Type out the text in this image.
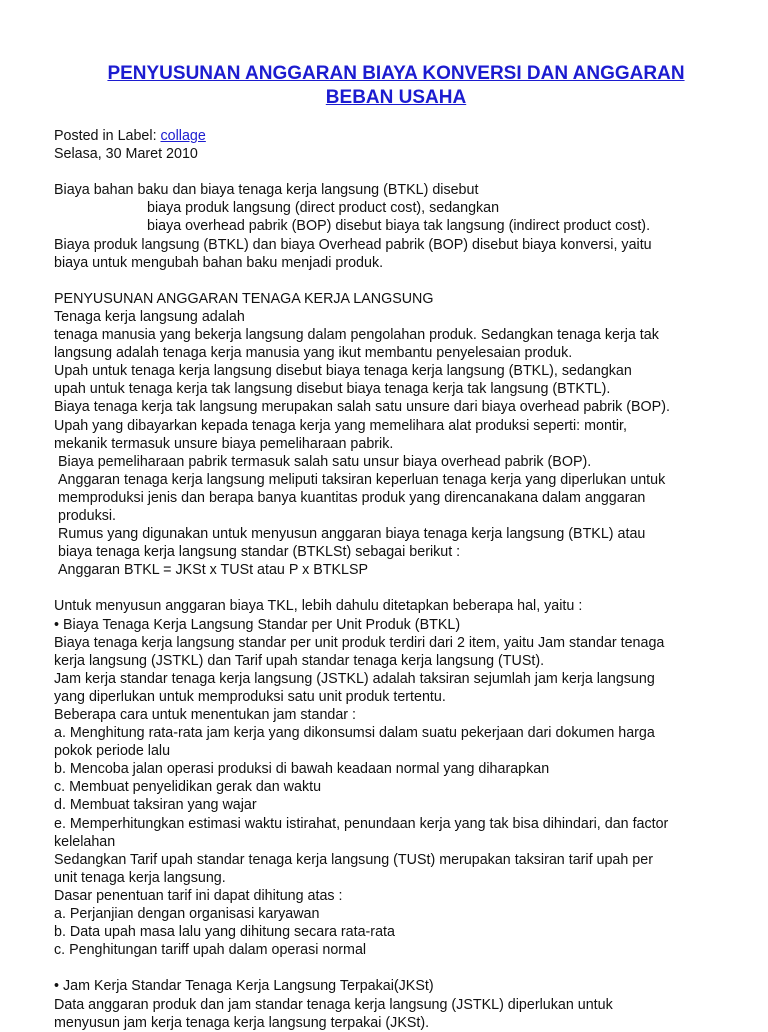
PENYUSUNAN ANGGARAN BIAYA KONVERSI DAN ANGGARAN
BEBAN USAHA
Posted in Label: collage
Selasa, 30 Maret 2010
Biaya bahan baku dan biaya tenaga kerja langsung (BTKL) disebut
biaya produk langsung (direct product cost), sedangkan
biaya overhead pabrik (BOP) disebut biaya tak langsung (indirect product cost).
Biaya produk langsung (BTKL) dan biaya Overhead pabrik (BOP) disebut biaya konversi, yaitu
biaya untuk mengubah bahan baku menjadi produk.
PENYUSUNAN ANGGARAN TENAGA KERJA LANGSUNG
Tenaga kerja langsung adalah
tenaga manusia yang bekerja langsung dalam pengolahan produk. Sedangkan tenaga kerja tak
langsung adalah tenaga kerja manusia yang ikut membantu penyelesaian produk.
Upah untuk tenaga kerja langsung disebut biaya tenaga kerja langsung (BTKL), sedangkan
upah untuk tenaga kerja tak langsung disebut biaya tenaga kerja tak langsung (BTKTL).
Biaya tenaga kerja tak langsung merupakan salah satu unsure dari biaya overhead pabrik (BOP).
Upah yang dibayarkan kepada tenaga kerja yang memelihara alat produksi seperti: montir,
mekanik termasuk unsure biaya pemeliharaan pabrik.
Biaya pemeliharaan pabrik termasuk salah satu unsur biaya overhead pabrik (BOP).
Anggaran tenaga kerja langsung meliputi taksiran keperluan tenaga kerja yang diperlukan untuk
memproduksi jenis dan berapa banya kuantitas produk yang direncanakana dalam anggaran
produksi.
Rumus yang digunakan untuk menyusun anggaran biaya tenaga kerja langsung (BTKL) atau
biaya tenaga kerja langsung standar (BTKLSt) sebagai berikut :
Anggaran BTKL = JKSt x TUSt atau P x BTKLSP
Untuk menyusun anggaran biaya TKL, lebih dahulu ditetapkan beberapa hal, yaitu :
• Biaya Tenaga Kerja Langsung Standar per Unit Produk (BTKL)
Biaya tenaga kerja langsung standar per unit produk terdiri dari 2 item, yaitu Jam standar tenaga
kerja langsung (JSTKL) dan Tarif upah standar tenaga kerja langsung (TUSt).
Jam kerja standar tenaga kerja langsung (JSTKL) adalah taksiran sejumlah jam kerja langsung
yang diperlukan untuk memproduksi satu unit produk tertentu.
Beberapa cara untuk menentukan jam standar :
a. Menghitung rata-rata jam kerja yang dikonsumsi dalam suatu pekerjaan dari dokumen harga
pokok periode lalu
b. Mencoba jalan operasi produksi di bawah keadaan normal yang diharapkan
c. Membuat penyelidikan gerak dan waktu
d. Membuat taksiran yang wajar
e. Memperhitungkan estimasi waktu istirahat, penundaan kerja yang tak bisa dihindari, dan factor
kelelahan
Sedangkan Tarif upah standar tenaga kerja langsung (TUSt) merupakan taksiran tarif upah per
unit tenaga kerja langsung.
Dasar penentuan tarif ini dapat dihitung atas :
a. Perjanjian dengan organisasi karyawan
b. Data upah masa lalu yang dihitung secara rata-rata
c. Penghitungan tariff upah dalam operasi normal
• Jam Kerja Standar Tenaga Kerja Langsung Terpakai(JKSt)
Data anggaran produk dan jam standar tenaga kerja langsung (JSTKL) diperlukan untuk
menyusun jam kerja tenaga kerja langsung terpakai (JKSt).
